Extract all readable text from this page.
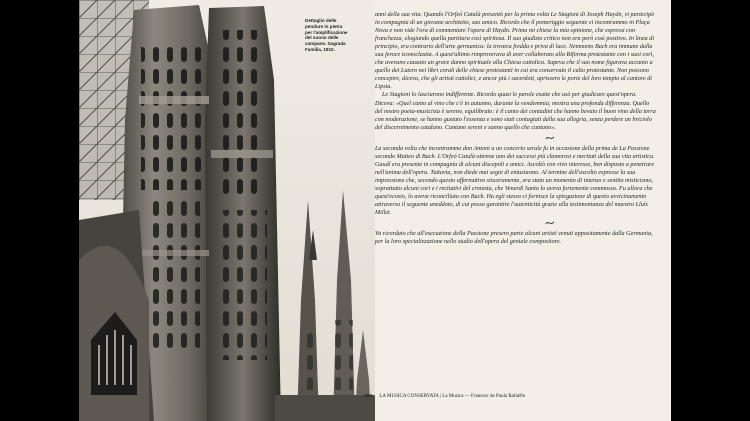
Dettaglio delle
pendure in pietra
per l'amplificazione
del suono delle
campane. Sagrada
Família, 1910.

anni della sua vita. Quando l'Orfeó Català presentò per la prima volta Le Stagioni di Joseph Haydn, vi partecipò in compagnia di un giovane architetto, suo amico. Ricordo che il pomeriggio seguente ci incontrammo in Plaça Nova e non vide l'ora di commentare l'opera di Haydn. Prima mi chiese la mia opinione, che espressi con franchezza, elogiando quella partitura così spiritosa. Il suo giudizio critico non era però così positivo. In linea di principio, era contrario dell'arte germanica: la trovava fredda e priva di luce. Nemmeno Bach era immune dalla sua feroce iconoclastia. A quest'ultimo rimproverava di aver collaborato alla Riforma protestante con i suoi corì, che avevano causato un grave danno spirituale alla Chiesa cattolica. Sapeva che il suo nome figurava accanto a quello dei Lutero nei libri corali delle chiese protestanti in cui era conservato il culto protestante. Non possono concepire, diceva, che gli artisti cattolici, e ancor più i sacerdoti, aprissero le porte del loro tempio al cantore di Lipsia.

Le Stagioni lo lasciarono indifferente. Ricordo quasi le parole esatte che usò per giudicare quest'opera. Diceva: «Quel canto al vino che c'è in autunno, durante la vendemmia, mostra una profonda differenza. Quello del nostro poeta-musicista è sereno, equilibrato: è il canto dei contadini che hanno bevuto il buon vino della terra con moderazione, se hanno gustato l'essenza e sono stati contagiati dalla sua allegria, senza perdere un briciolo del discernimento catalano. Cantano sereni e sanno quello che cantano».

La seconda volta che incontrammo don Antoni a un concerto serale fu in occasione della prima de La Passione secondo Matteo di Bach. L'Orfeó Català ottenne uno dei successi più clamorosi e meritati della sua vita artistica. Gaudí era presente in compagnia di alcuni discepoli e amici. Ascoltò con vivo interesse, ben disposto a penetrare nell'anima dell'opera. Tuttavia, non diede mai segni di entusiasmo. Al termine dell'ascolto espresse la sua impressione che, secondo questo affermativo sinceramente, era stato un momento di intenso e sentito misticismo, soprattutto alcuni cori e i recitativi del cronista, che Venerdì Santo lo aveva fortemente commosso. Fu allora che quest'ecosio, lo aveva riconciliato con Bach. Ha egli stesso ci fornisce la spiegazione di questo avvicinamento attraverso il seguente aneddoto, di cui posso garantire l'autenticità grazie alla testimonianza del maestro Lluís Millet.

Va ricordato che all'esecuzione della Passione presero parte alcuni artisti venuti appositamente dalla Germania, per la loro specializzazione nello studio dell'opera del geniale compositore.

292 LA MUSICA CONSERVATA | La Musica — Francesc de Paula Rafaèllo
